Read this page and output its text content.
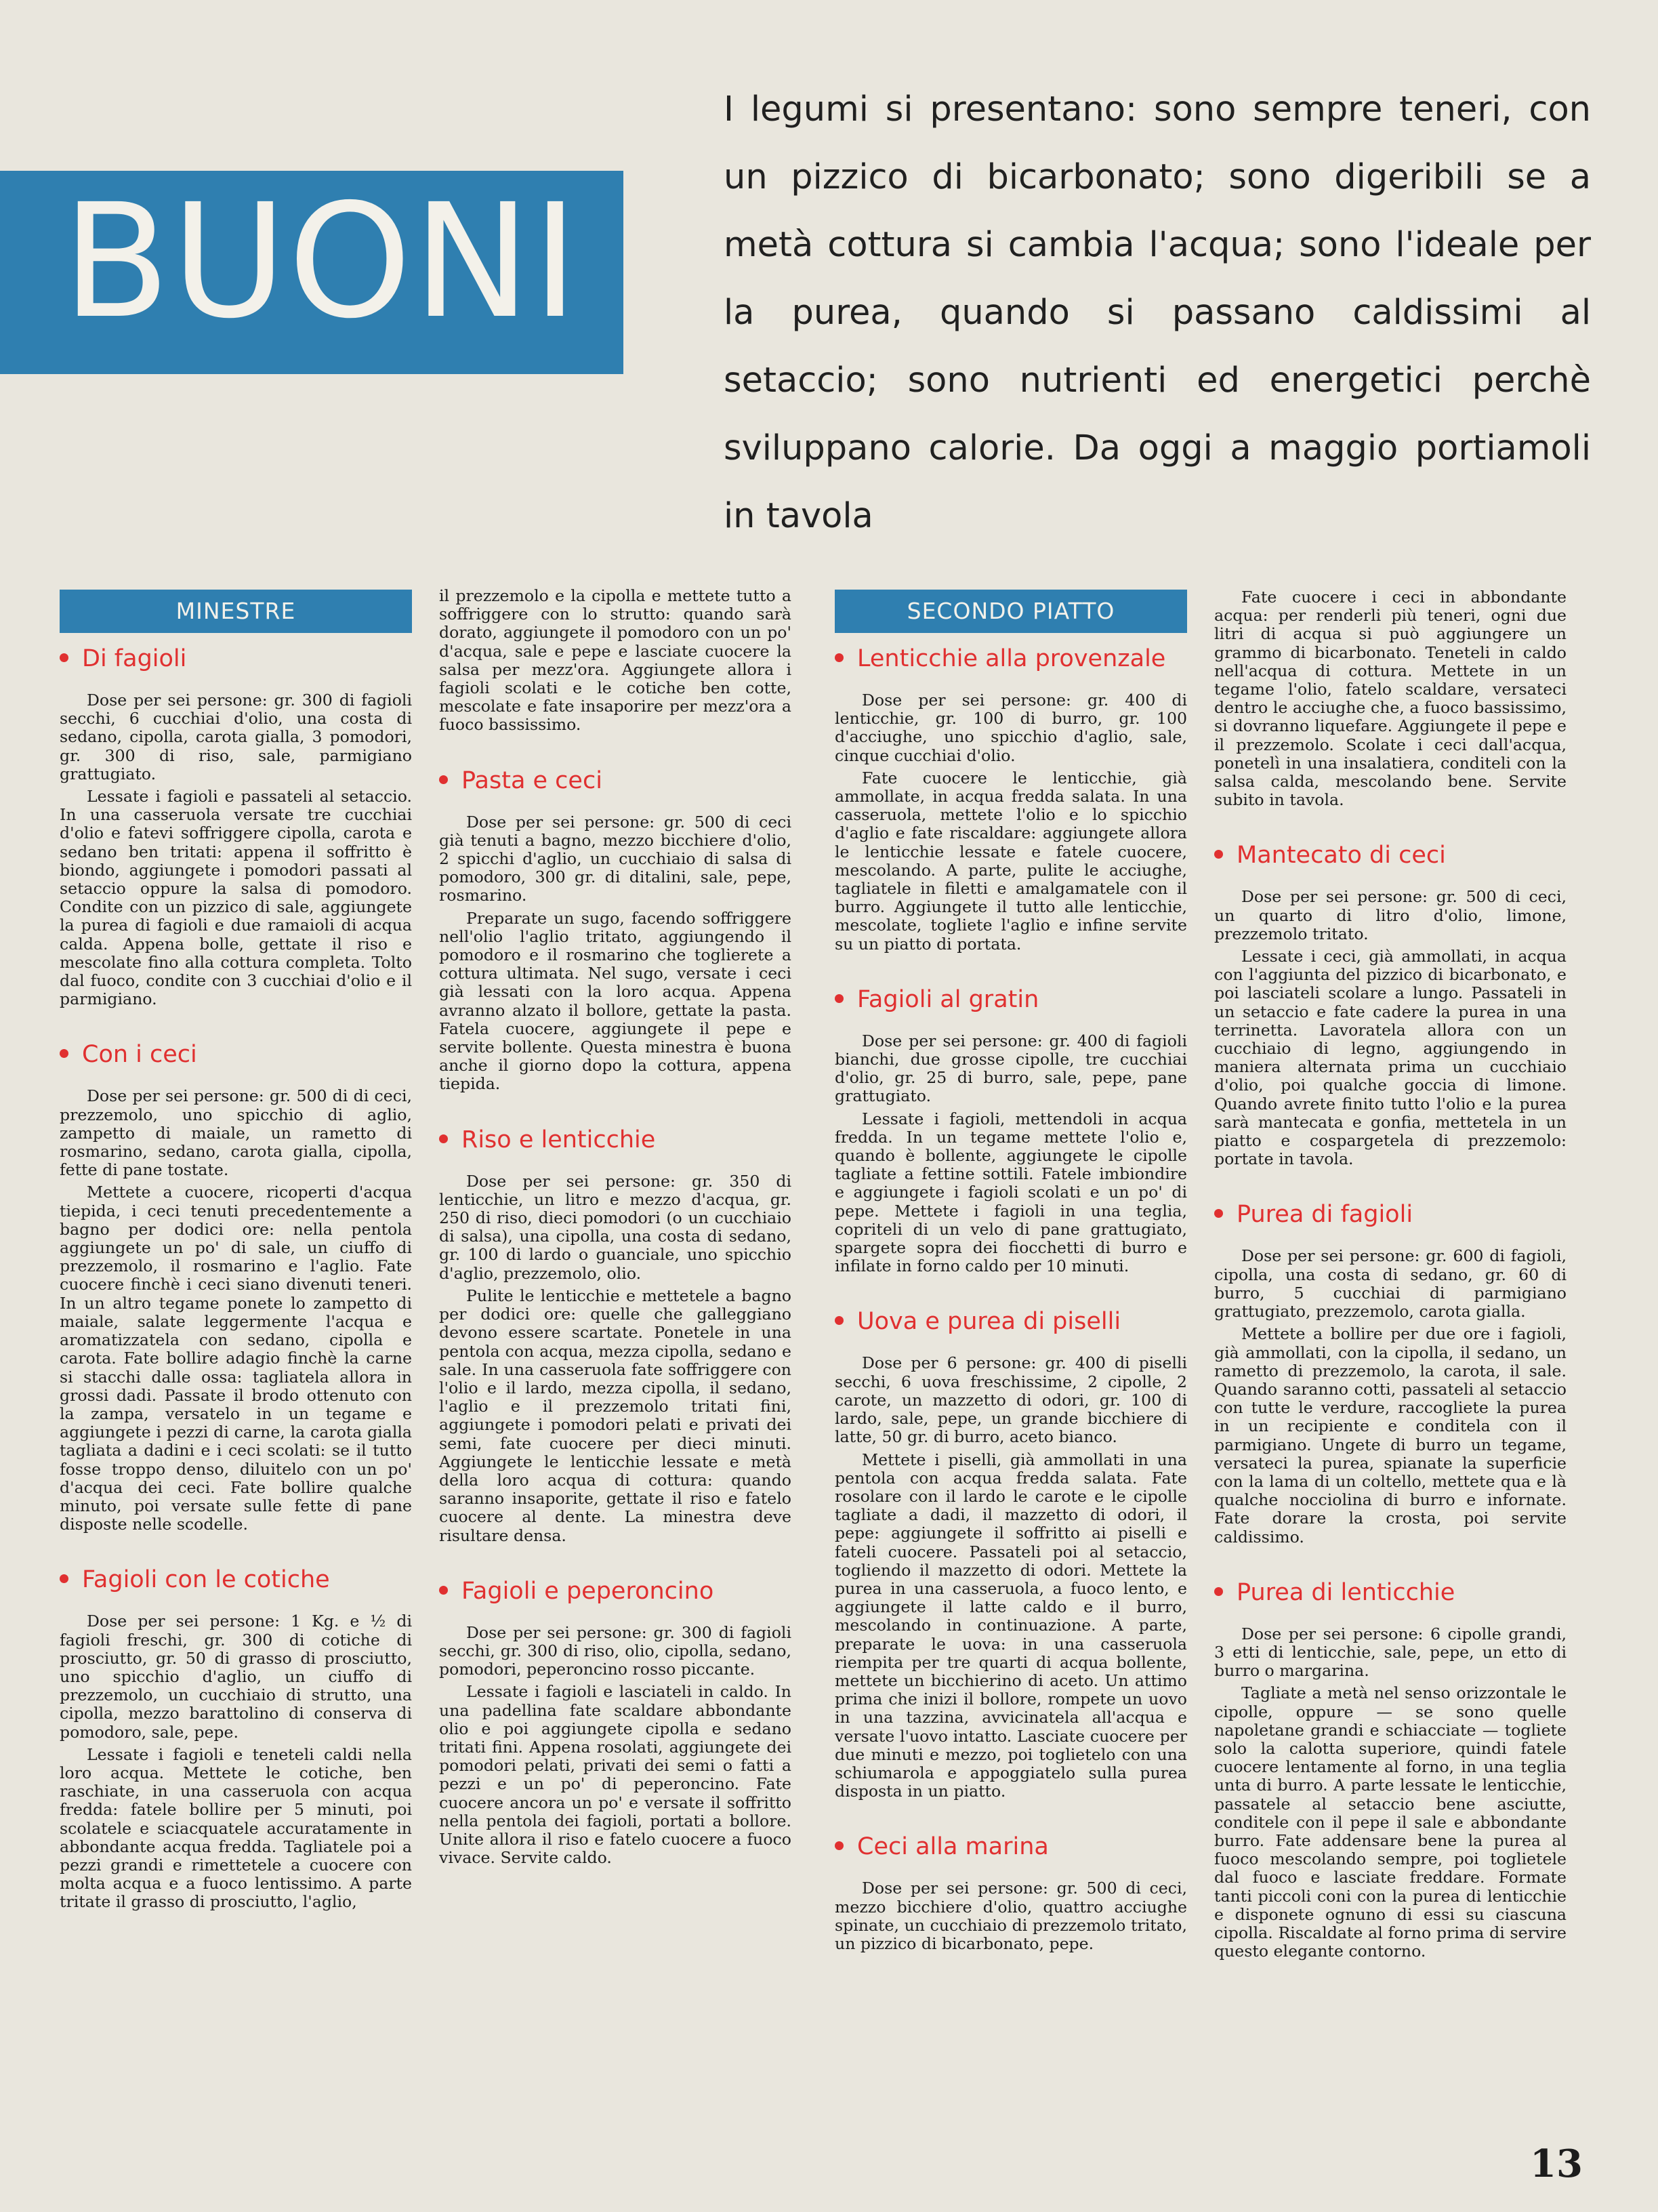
BUONI
I legumi si presentano: sono sempre teneri, con un pizzico di bicarbonato; sono digeribili se a metà cottura si cambia l'acqua; sono l'ideale per la purea, quando si passano caldissimi al setaccio; sono nutrienti ed energetici perchè sviluppano calorie. Da oggi a maggio portiamoli in tavola
MINESTRE
Di fagioli

Dose per sei persone: gr. 300 di fagioli secchi, 6 cucchiai d'olio, una costa di sedano, cipolla, carota gialla, 3 pomodori, gr. 300 di riso, sale, parmigiano grattugiato.

Lessate i fagioli e passateli al setaccio. In una casseruola versate tre cucchiai d'olio e fatevi soffriggere cipolla, carota e sedano ben tritati: appena il soffritto è biondo, aggiungete i pomodori passati al setaccio oppure la salsa di pomodoro. Condite con un pizzico di sale, aggiungete la purea di fagioli e due ramaioli di acqua calda. Appena bolle, gettate il riso e mescolate fino alla cottura completa. Tolto dal fuoco, condite con 3 cucchiai d'olio e il parmigiano.

Con i ceci

Dose per sei persone: gr. 500 di di ceci, prezzemolo, uno spicchio di aglio, zampetto di maiale, un rametto di rosmarino, sedano, carota gialla, cipolla, fette di pane tostate.

Mettete a cuocere, ricoperti d'acqua tiepida, i ceci tenuti precedentemente a bagno per dodici ore: nella pentola aggiungete un po' di sale, un ciuffo di prezzemolo, il rosmarino e l'aglio. Fate cuocere finchè i ceci siano divenuti teneri. In un altro tegame ponete lo zampetto di maiale, salate leggermente l'acqua e aromatizzatela con sedano, cipolla e carota. Fate bollire adagio finchè la carne si stacchi dalle ossa: tagliatela allora in grossi dadi. Passate il brodo ottenuto con la zampa, versatelo in un tegame e aggiungete i pezzi di carne, la carota gialla tagliata a dadini e i ceci scolati: se il tutto fosse troppo denso, diluitelo con un po' d'acqua dei ceci. Fate bollire qualche minuto, poi versate sulle fette di pane disposte nelle scodelle.

Fagioli con le cotiche

Dose per sei persone: 1 Kg. e ½ di fagioli freschi, gr. 300 di cotiche di prosciutto, gr. 50 di grasso di prosciutto, uno spicchio d'aglio, un ciuffo di prezzemolo, un cucchiaio di strutto, una cipolla, mezzo barattolino di conserva di pomodoro, sale, pepe.

Lessate i fagioli e teneteli caldi nella loro acqua. Mettete le cotiche, ben raschiate, in una casseruola con acqua fredda: fatele bollire per 5 minuti, poi scolatele e sciacquatele accuratamente in abbondante acqua fredda. Tagliatele poi a pezzi grandi e rimettetele a cuocere con molta acqua e a fuoco lentissimo. A parte tritate il grasso di prosciutto, l'aglio,

il prezzemolo e la cipolla e mettete tutto a soffriggere con lo strutto: quando sarà dorato, aggiungete il pomodoro con un po' d'acqua, sale e pepe e lasciate cuocere la salsa per mezz'ora. Aggiungete allora i fagioli scolati e le cotiche ben cotte, mescolate e fate insaporire per mezz'ora a fuoco bassissimo.

Pasta e ceci

Dose per sei persone: gr. 500 di ceci già tenuti a bagno, mezzo bicchiere d'olio, 2 spicchi d'aglio, un cucchiaio di salsa di pomodoro, 300 gr. di ditalini, sale, pepe, rosmarino.

Preparate un sugo, facendo soffriggere nell'olio l'aglio tritato, aggiungendo il pomodoro e il rosmarino che toglierete a cottura ultimata. Nel sugo, versate i ceci già lessati con la loro acqua. Appena avranno alzato il bollore, gettate la pasta. Fatela cuocere, aggiungete il pepe e servite bollente. Questa minestra è buona anche il giorno dopo la cottura, appena tiepida.

Riso e lenticchie

Dose per sei persone: gr. 350 di lenticchie, un litro e mezzo d'acqua, gr. 250 di riso, dieci pomodori (o un cucchiaio di salsa), una cipolla, una costa di sedano, gr. 100 di lardo o guanciale, uno spicchio d'aglio, prezzemolo, olio.

Pulite le lenticchie e mettetele a bagno per dodici ore: quelle che galleggiano devono essere scartate. Ponetele in una pentola con acqua, mezza cipolla, sedano e sale. In una casseruola fate soffriggere con l'olio e il lardo, mezza cipolla, il sedano, l'aglio e il prezzemolo tritati fini, aggiungete i pomodori pelati e privati dei semi, fate cuocere per dieci minuti. Aggiungete le lenticchie lessate e metà della loro acqua di cottura: quando saranno insaporite, gettate il riso e fatelo cuocere al dente. La minestra deve risultare densa.

Fagioli e peperoncino

Dose per sei persone: gr. 300 di fagioli secchi, gr. 300 di riso, olio, cipolla, sedano, pomodori, peperoncino rosso piccante.

Lessate i fagioli e lasciateli in caldo. In una padellina fate scaldare abbondante olio e poi aggiungete cipolla e sedano tritati fini. Appena rosolati, aggiungete dei pomodori pelati, privati dei semi o fatti a pezzi e un po' di peperoncino. Fate cuocere ancora un po' e versate il soffritto nella pentola dei fagioli, portati a bollore. Unite allora il riso e fatelo cuocere a fuoco vivace. Servite caldo.

SECONDO PIATTO
Lenticchie alla provenzale

Dose per sei persone: gr. 400 di lenticchie, gr. 100 di burro, gr. 100 d'acciughe, uno spicchio d'aglio, sale, cinque cucchiai d'olio.

Fate cuocere le lenticchie, già ammollate, in acqua fredda salata. In una casseruola, mettete l'olio e lo spicchio d'aglio e fate riscaldare: aggiungete allora le lenticchie lessate e fatele cuocere, mescolando. A parte, pulite le acciughe, tagliatele in filetti e amalgamatele con il burro. Aggiungete il tutto alle lenticchie, mescolate, togliete l'aglio e infine servite su un piatto di portata.

Fagioli al gratin

Dose per sei persone: gr. 400 di fagioli bianchi, due grosse cipolle, tre cucchiai d'olio, gr. 25 di burro, sale, pepe, pane grattugiato.

Lessate i fagioli, mettendoli in acqua fredda. In un tegame mettete l'olio e, quando è bollente, aggiungete le cipolle tagliate a fettine sottili. Fatele imbiondire e aggiungete i fagioli scolati e un po' di pepe. Mettete i fagioli in una teglia, copriteli di un velo di pane grattugiato, spargete sopra dei fiocchetti di burro e infilate in forno caldo per 10 minuti.

Uova e purea di piselli

Dose per 6 persone: gr. 400 di piselli secchi, 6 uova freschissime, 2 cipolle, 2 carote, un mazzetto di odori, gr. 100 di lardo, sale, pepe, un grande bicchiere di latte, 50 gr. di burro, aceto bianco.

Mettete i piselli, già ammollati in una pentola con acqua fredda salata. Fate rosolare con il lardo le carote e le cipolle tagliate a dadi, il mazzetto di odori, il pepe: aggiungete il soffritto ai piselli e fateli cuocere. Passateli poi al setaccio, togliendo il mazzetto di odori. Mettete la purea in una casseruola, a fuoco lento, e aggiungete il latte caldo e il burro, mescolando in continuazione. A parte, preparate le uova: in una casseruola riempita per tre quarti di acqua bollente, mettete un bicchierino di aceto. Un attimo prima che inizi il bollore, rompete un uovo in una tazzina, avvicinatela all'acqua e versate l'uovo intatto. Lasciate cuocere per due minuti e mezzo, poi toglietelo con una schiumarola e appoggiatelo sulla purea disposta in un piatto.

Ceci alla marina

Dose per sei persone: gr. 500 di ceci, mezzo bicchiere d'olio, quattro acciughe spinate, un cucchiaio di prezzemolo tritato, un pizzico di bicarbonato, pepe.

Fate cuocere i ceci in abbondante acqua: per renderli più teneri, ogni due litri di acqua si può aggiungere un grammo di bicarbonato. Teneteli in caldo nell'acqua di cottura. Mettete in un tegame l'olio, fatelo scaldare, versateci dentro le acciughe che, a fuoco bassissimo, si dovranno liquefare. Aggiungete il pepe e il prezzemolo. Scolate i ceci dall'acqua, ponetelì in una insalatiera, conditeli con la salsa calda, mescolando bene. Servite subito in tavola.

Mantecato di ceci

Dose per sei persone: gr. 500 di ceci, un quarto di litro d'olio, limone, prezzemolo tritato.

Lessate i ceci, già ammollati, in acqua con l'aggiunta del pizzico di bicarbonato, e poi lasciateli scolare a lungo. Passateli in un setaccio e fate cadere la purea in una terrinetta. Lavoratela allora con un cucchiaio di legno, aggiungendo in maniera alternata prima un cucchiaio d'olio, poi qualche goccia di limone. Quando avrete finito tutto l'olio e la purea sarà mantecata e gonfia, mettetela in un piatto e cospargetela di prezzemolo: portate in tavola.

Purea di fagioli

Dose per sei persone: gr. 600 di fagioli, cipolla, una costa di sedano, gr. 60 di burro, 5 cucchiai di parmigiano grattugiato, prezzemolo, carota gialla.

Mettete a bollire per due ore i fagioli, già ammollati, con la cipolla, il sedano, un rametto di prezzemolo, la carota, il sale. Quando saranno cotti, passateli al setaccio con tutte le verdure, raccogliete la purea in un recipiente e conditela con il parmigiano. Ungete di burro un tegame, versateci la purea, spianate la superficie con la lama di un coltello, mettete qua e là qualche nocciolina di burro e infornate. Fate dorare la crosta, poi servite caldissimo.

Purea di lenticchie

Dose per sei persone: 6 cipolle grandi, 3 etti di lenticchie, sale, pepe, un etto di burro o margarina.

Tagliate a metà nel senso orizzontale le cipolle, oppure — se sono quelle napoletane grandi e schiacciate — togliete solo la calotta superiore, quindi fatele cuocere lentamente al forno, in una teglia unta di burro. A parte lessate le lenticchie, passatele al setaccio bene asciutte, conditele con il pepe il sale e abbondante burro. Fate addensare bene la purea al fuoco mescolando sempre, poi toglietele dal fuoco e lasciate freddare. Formate tanti piccoli coni con la purea di lenticchie e disponete ognuno di essi su ciascuna cipolla. Riscaldate al forno prima di servire questo elegante contorno.

13
